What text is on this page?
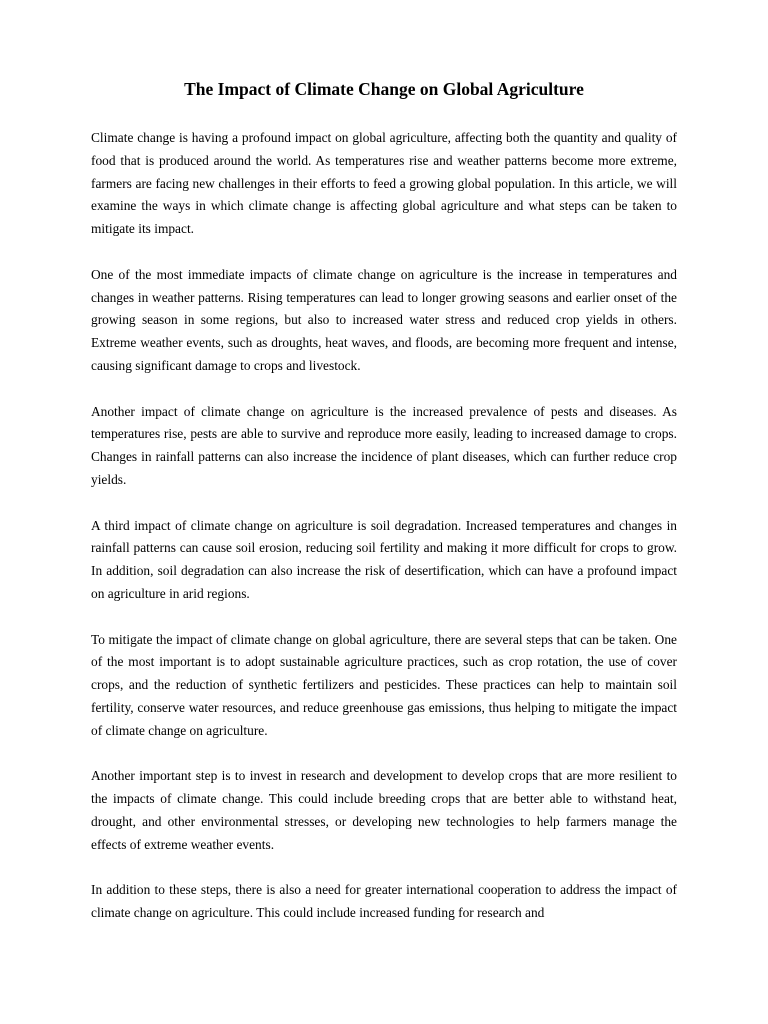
The Impact of Climate Change on Global Agriculture

Climate change is having a profound impact on global agriculture, affecting both the quantity and quality of food that is produced around the world. As temperatures rise and weather patterns become more extreme, farmers are facing new challenges in their efforts to feed a growing global population. In this article, we will examine the ways in which climate change is affecting global agriculture and what steps can be taken to mitigate its impact.

One of the most immediate impacts of climate change on agriculture is the increase in temperatures and changes in weather patterns. Rising temperatures can lead to longer growing seasons and earlier onset of the growing season in some regions, but also to increased water stress and reduced crop yields in others. Extreme weather events, such as droughts, heat waves, and floods, are becoming more frequent and intense, causing significant damage to crops and livestock.

Another impact of climate change on agriculture is the increased prevalence of pests and diseases. As temperatures rise, pests are able to survive and reproduce more easily, leading to increased damage to crops. Changes in rainfall patterns can also increase the incidence of plant diseases, which can further reduce crop yields.

A third impact of climate change on agriculture is soil degradation. Increased temperatures and changes in rainfall patterns can cause soil erosion, reducing soil fertility and making it more difficult for crops to grow. In addition, soil degradation can also increase the risk of desertification, which can have a profound impact on agriculture in arid regions.

To mitigate the impact of climate change on global agriculture, there are several steps that can be taken. One of the most important is to adopt sustainable agriculture practices, such as crop rotation, the use of cover crops, and the reduction of synthetic fertilizers and pesticides. These practices can help to maintain soil fertility, conserve water resources, and reduce greenhouse gas emissions, thus helping to mitigate the impact of climate change on agriculture.

Another important step is to invest in research and development to develop crops that are more resilient to the impacts of climate change. This could include breeding crops that are better able to withstand heat, drought, and other environmental stresses, or developing new technologies to help farmers manage the effects of extreme weather events.

In addition to these steps, there is also a need for greater international cooperation to address the impact of climate change on agriculture. This could include increased funding for research and
